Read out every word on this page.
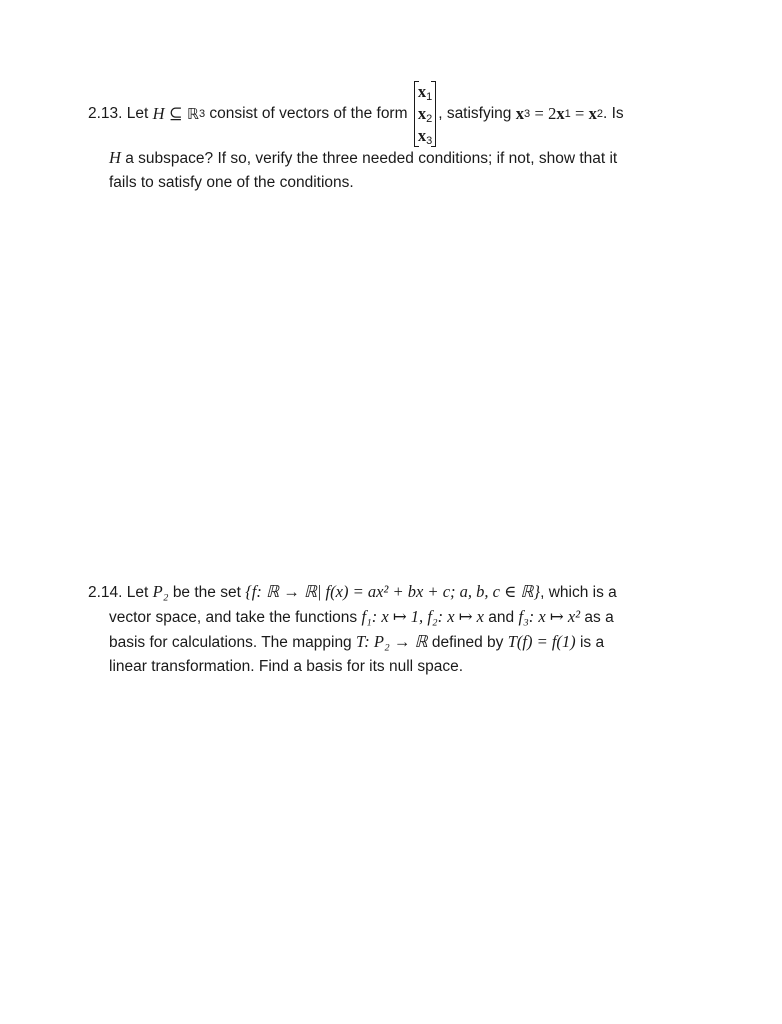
2.13.
Let
H
⊆
ℝ 3
consist of vectors of the form

$x_1$
$x_2$
$x_3$
, satisfying
x 3
=
2 x 1
=
x 2 . Is
H a subspace? If so, verify the three needed conditions; if not, show that it
fails to satisfy one of the conditions.
2.14. Let P₂ be the set {f: ℝ → ℝ| f(x) = ax² + bx + c; a, b, c ∈ ℝ}, which is a
vector space, and take the functions f₁: x ↦ 1, f₂: x ↦ x and f₃: x ↦ x² as a
basis for calculations. The mapping T: P₂ → ℝ defined by T(f) = f(1) is a
linear transformation. Find a basis for its null space.
